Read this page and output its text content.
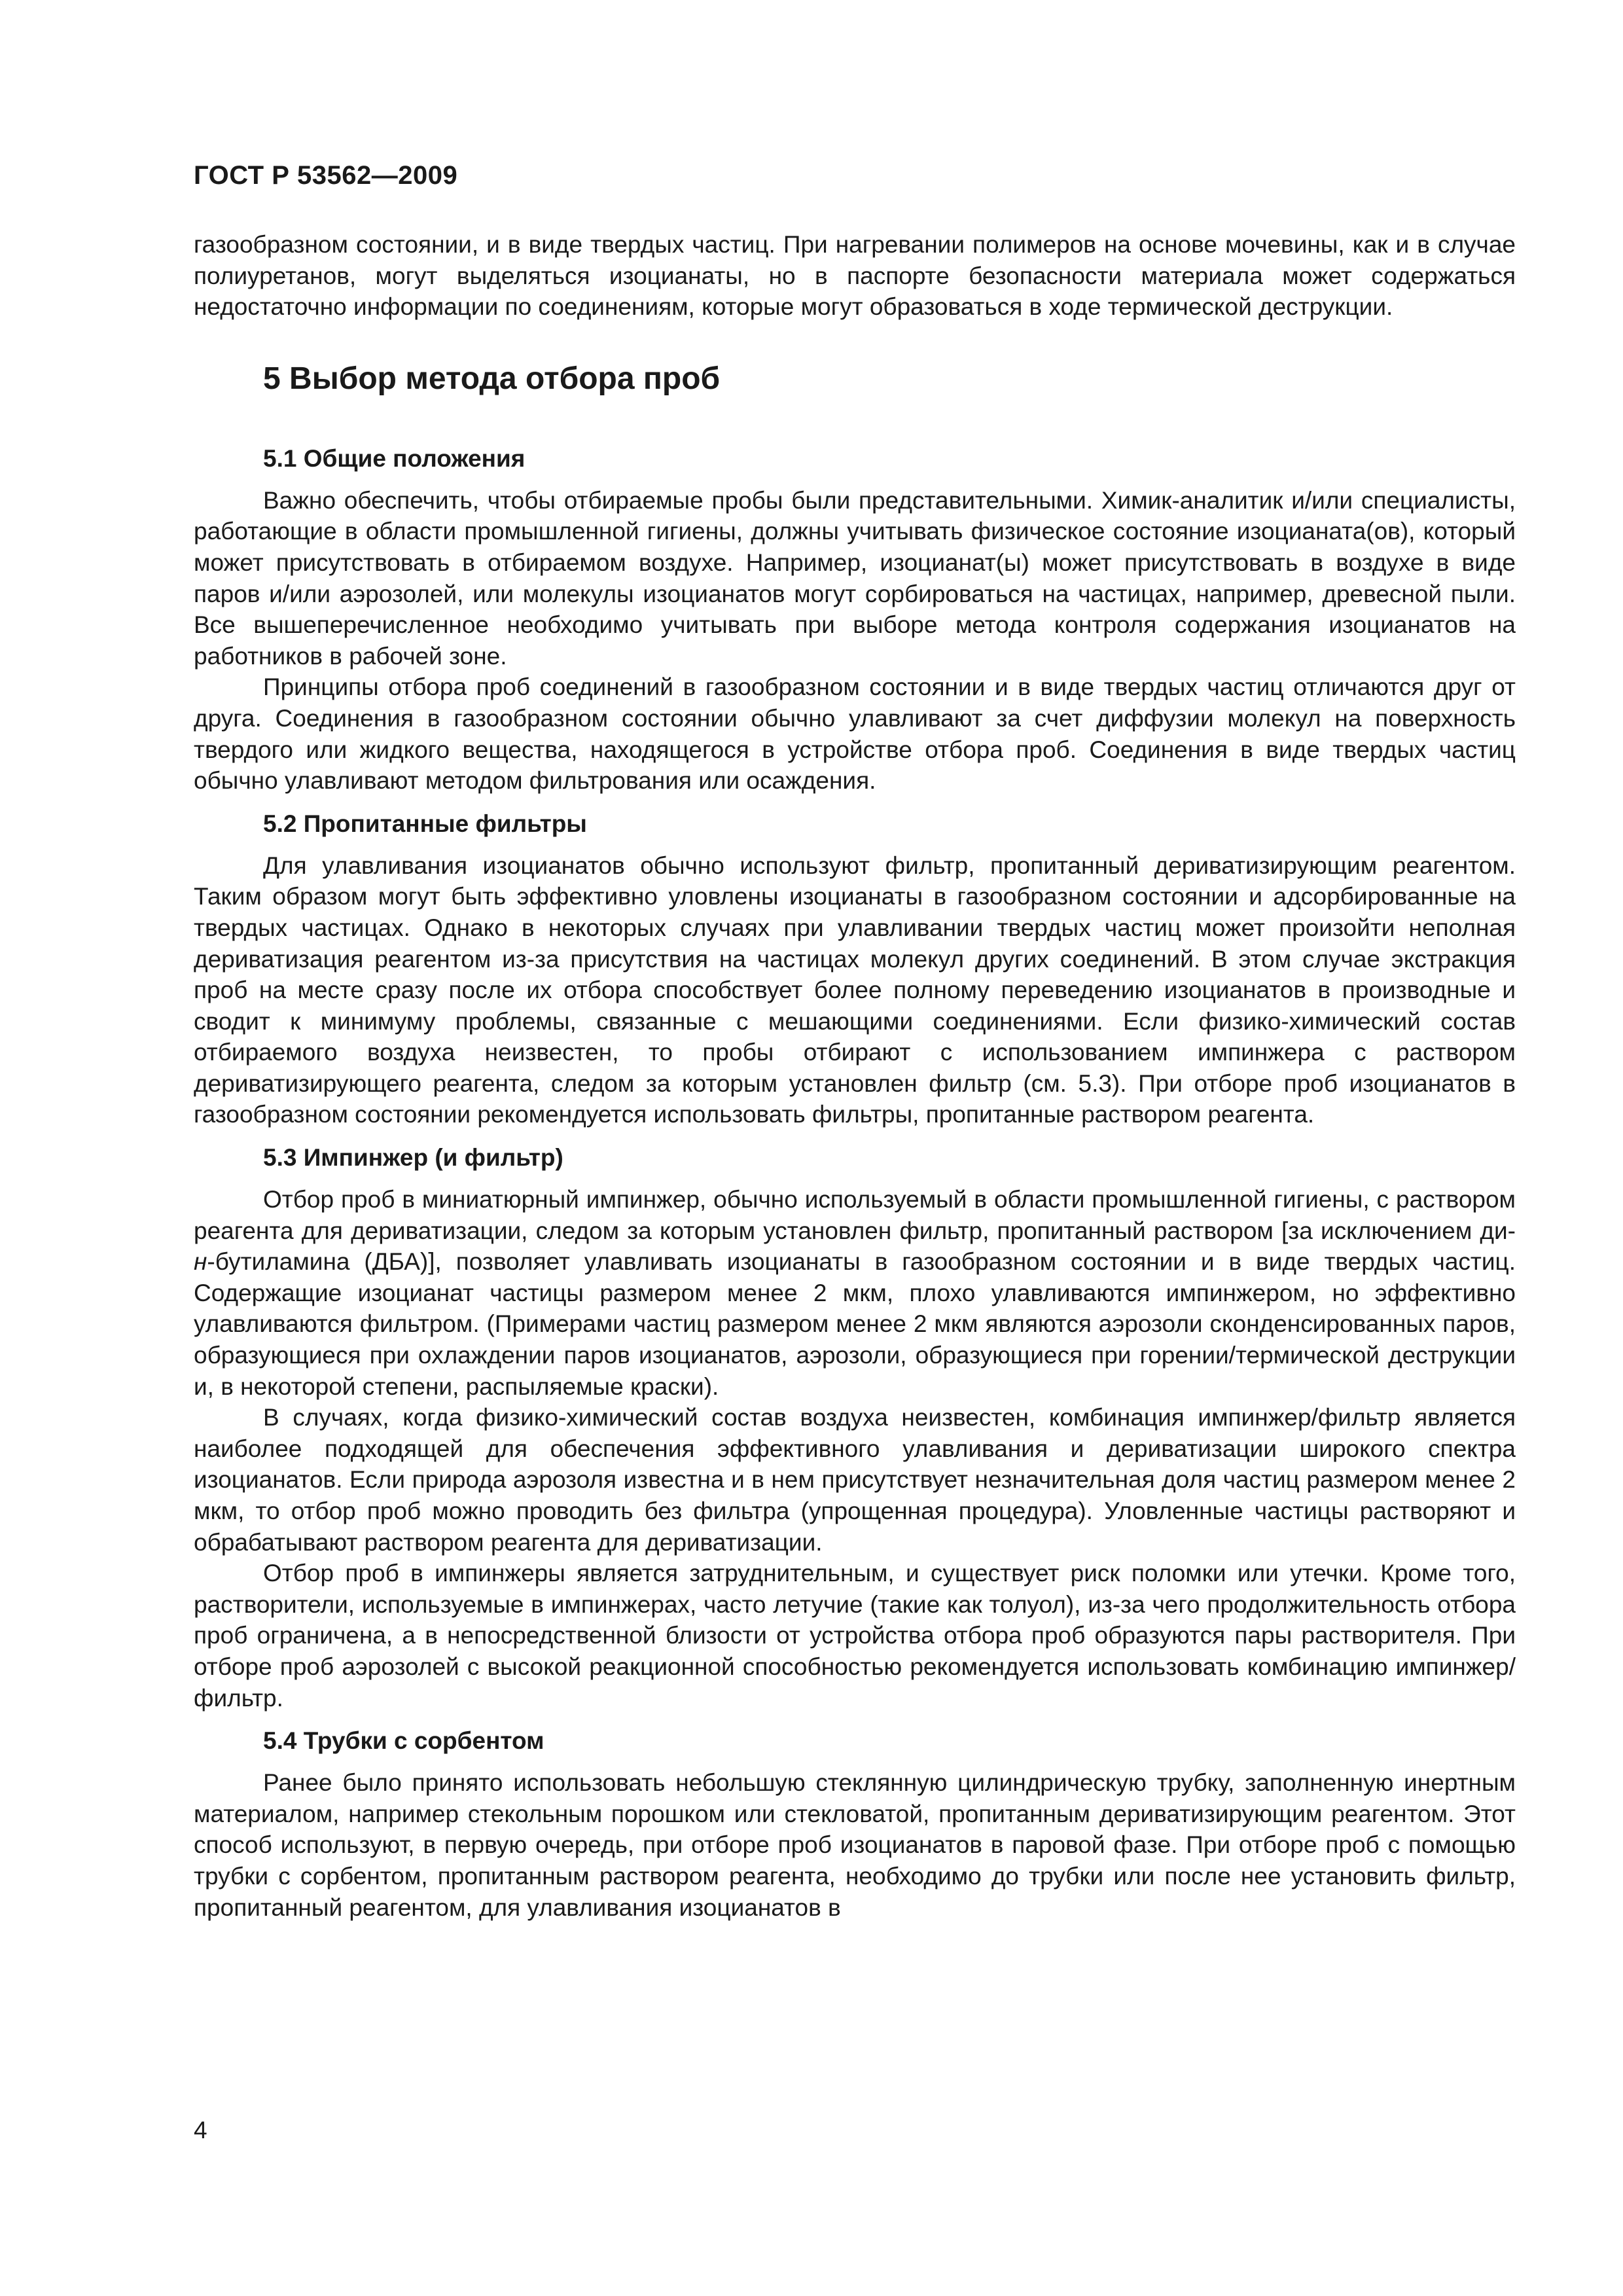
ГОСТ Р 53562—2009

газообразном состоянии, и в виде твердых частиц. При нагревании полимеров на основе мочевины, как и в случае полиуретанов, могут выделяться изоцианаты, но в паспорте безопасности материала может содержаться недостаточно информации по соединениям, которые могут образоваться в ходе термической деструкции.

5 Выбор метода отбора проб
5.1 Общие положения

Важно обеспечить, чтобы отбираемые пробы были представительными. Химик-аналитик и/или специалисты, работающие в области промышленной гигиены, должны учитывать физическое состояние изоцианата(ов), который может присутствовать в отбираемом воздухе. Например, изоцианат(ы) может присутствовать в воздухе в виде паров и/или аэрозолей, или молекулы изоцианатов могут сорбироваться на частицах, например, древесной пыли. Все вышеперечисленное необходимо учитывать при выборе метода контроля содержания изоцианатов на работников в рабочей зоне.

Принципы отбора проб соединений в газообразном состоянии и в виде твердых частиц отличаются друг от друга. Соединения в газообразном состоянии обычно улавливают за счет диффузии молекул на поверхность твердого или жидкого вещества, находящегося в устройстве отбора проб. Соединения в виде твердых частиц обычно улавливают методом фильтрования или осаждения.

5.2 Пропитанные фильтры

Для улавливания изоцианатов обычно используют фильтр, пропитанный дериватизирующим реагентом. Таким образом могут быть эффективно уловлены изоцианаты в газообразном состоянии и адсорбированные на твердых частицах. Однако в некоторых случаях при улавливании твердых частиц может произойти неполная дериватизация реагентом из-за присутствия на частицах молекул других соединений. В этом случае экстракция проб на месте сразу после их отбора способствует более полному переведению изоцианатов в производные и сводит к минимуму проблемы, связанные с мешающими соединениями. Если физико-химический состав отбираемого воздуха неизвестен, то пробы отбирают с использованием импинжера с раствором дериватизирующего реагента, следом за которым установлен фильтр (см. 5.3). При отборе проб изоцианатов в газообразном состоянии рекомендуется использовать фильтры, пропитанные раствором реагента.

5.3 Импинжер (и фильтр)

Отбор проб в миниатюрный импинжер, обычно используемый в области промышленной гигиены, с раствором реагента для дериватизации, следом за которым установлен фильтр, пропитанный раствором [за исключением ди-н-бутиламина (ДБА)], позволяет улавливать изоцианаты в газообразном состоянии и в виде твердых частиц. Содержащие изоцианат частицы размером менее 2 мкм, плохо улавливаются импинжером, но эффективно улавливаются фильтром. (Примерами частиц размером менее 2 мкм являются аэрозоли сконденсированных паров, образующиеся при охлаждении паров изоцианатов, аэрозоли, образующиеся при горении/термической деструкции и, в некоторой степени, распыляемые краски).

В случаях, когда физико-химический состав воздуха неизвестен, комбинация импинжер/фильтр является наиболее подходящей для обеспечения эффективного улавливания и дериватизации широкого спектра изоцианатов. Если природа аэрозоля известна и в нем присутствует незначительная доля частиц размером менее 2 мкм, то отбор проб можно проводить без фильтра (упрощенная процедура). Уловленные частицы растворяют и обрабатывают раствором реагента для дериватизации.

Отбор проб в импинжеры является затруднительным, и существует риск поломки или утечки. Кроме того, растворители, используемые в импинжерах, часто летучие (такие как толуол), из-за чего продолжительность отбора проб ограничена, а в непосредственной близости от устройства отбора проб образуются пары растворителя. При отборе проб аэрозолей с высокой реакционной способностью рекомендуется использовать комбинацию импинжер/фильтр.

5.4 Трубки с сорбентом

Ранее было принято использовать небольшую стеклянную цилиндрическую трубку, заполненную инертным материалом, например стекольным порошком или стекловатой, пропитанным дериватизирующим реагентом. Этот способ используют, в первую очередь, при отборе проб изоцианатов в паровой фазе. При отборе проб с помощью трубки с сорбентом, пропитанным раствором реагента, необходимо до трубки или после нее установить фильтр, пропитанный реагентом, для улавливания изоцианатов в

4
